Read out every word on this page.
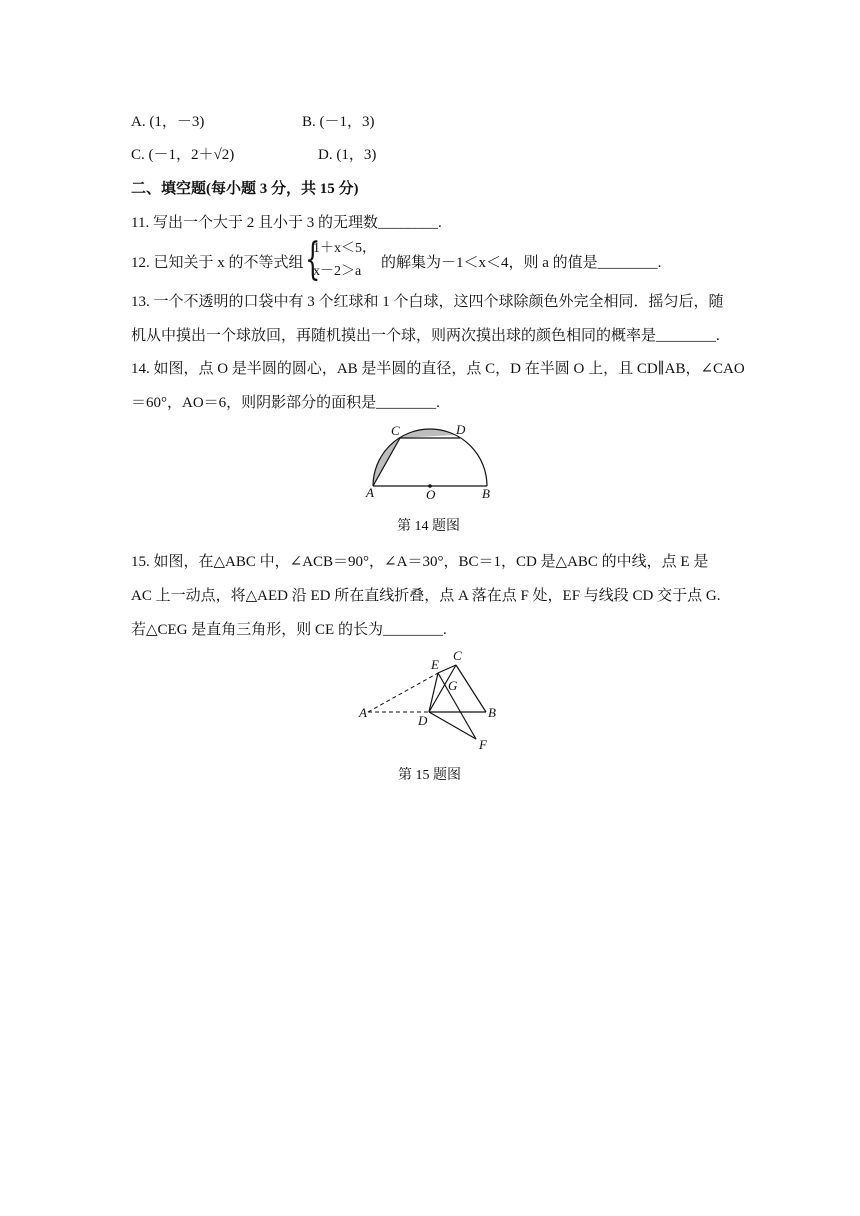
A. (1，－3)	B. (－1，3)
C. (－1，2＋√2)	D. (1，3)
二、填空题(每小题 3 分，共 15 分)
11. 写出一个大于 2 且小于 3 的无理数________.
12. 已知关于 x 的不等式组 {
1＋x＜5，
x－2＞a
的解集为－1＜x＜4，则 a 的值是________.
13. 一个不透明的口袋中有 3 个红球和 1 个白球，这四个球除颜色外完全相同．摇匀后，随
机从中摸出一个球放回，再随机摸出一个球，则两次摸出球的颜色相同的概率是________.
14. 如图，点 O 是半圆的圆心，AB 是半圆的直径，点 C，D 在半圆 O 上，且 CD∥AB，∠CAO
＝60°，AO＝6，则阴影部分的面积是________.
C	D
A	O	B
第 14 题图
15. 如图，在△ABC 中，∠ACB＝90°，∠A＝30°，BC＝1，CD 是△ABC 的中线，点 E 是
AC 上一动点，将△AED 沿 ED 所在直线折叠，点 A 落在点 F 处，EF 与线段 CD 交于点 G.
若△CEG 是直角三角形，则 CE 的长为________.
E
C
G
A
D
B
F
第 15 题图
